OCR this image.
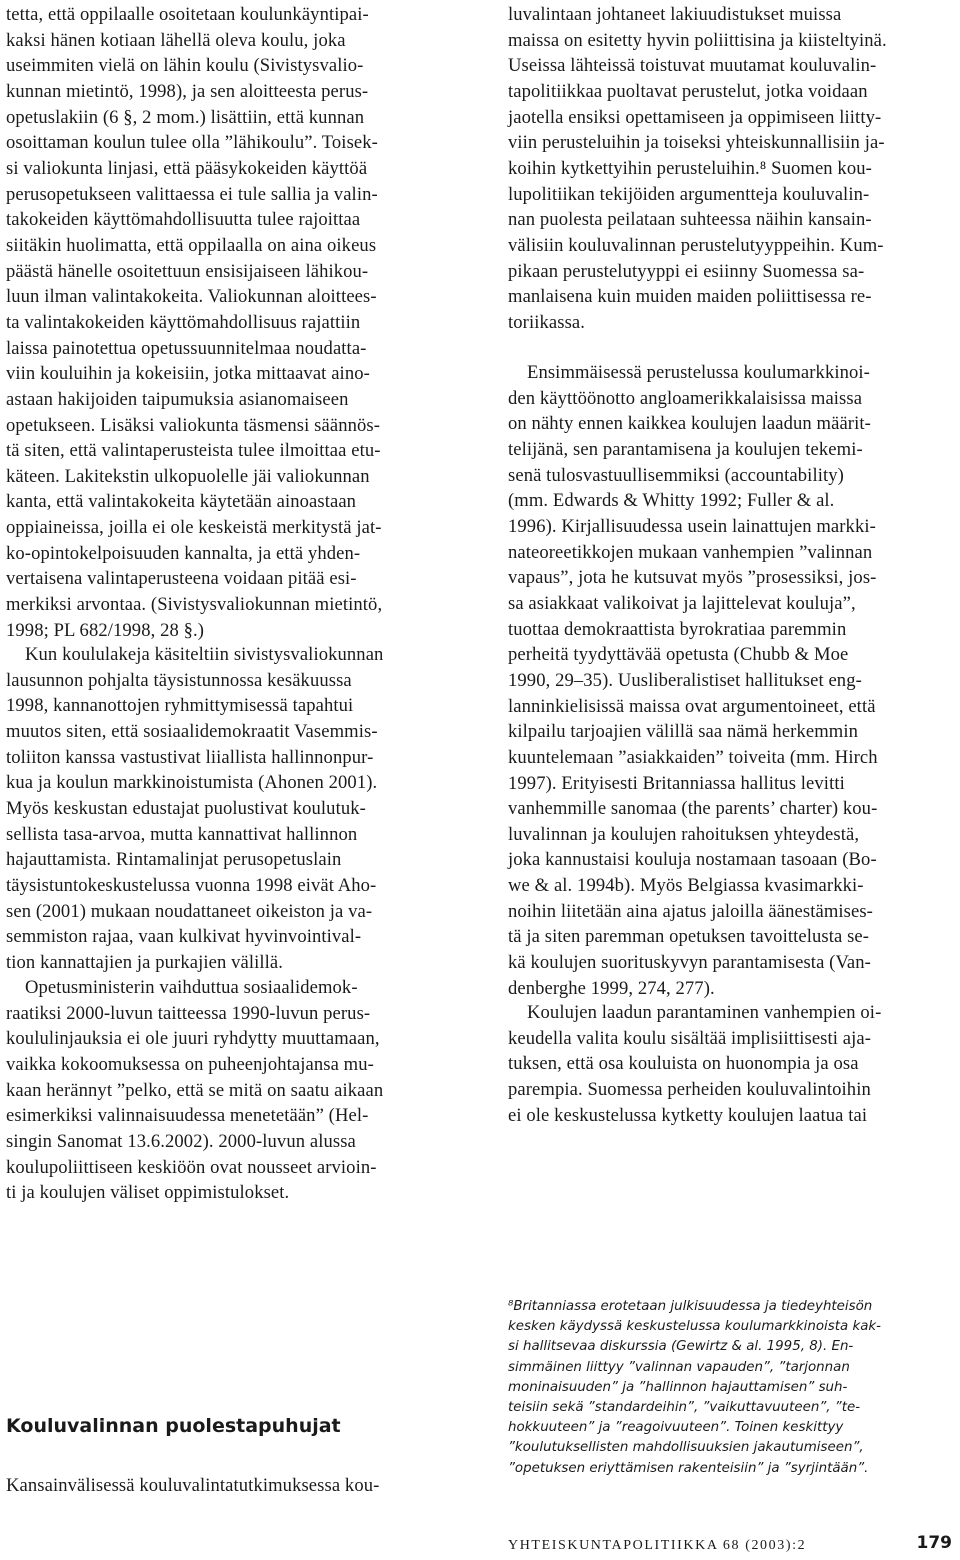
tetta, että oppilaalle osoitetaan koulunkäyntipai-
kaksi hänen kotiaan lähellä oleva koulu, joka
useimmiten vielä on lähin koulu (Sivistysvalio-
kunnan mietintö, 1998), ja sen aloitteesta perus-
opetuslakiin (6 §, 2 mom.) lisättiin, että kunnan
osoittaman koulun tulee olla ”lähikoulu”. Toisek-
si valiokunta linjasi, että pääsykokeiden käyttöä
perusopetukseen valittaessa ei tule sallia ja valin-
takokeiden käyttömahdollisuutta tulee rajoittaa
siitäkin huolimatta, että oppilaalla on aina oikeus
päästä hänelle osoitettuun ensisijaiseen lähikou-
luun ilman valintakokeita. Valiokunnan aloittees-
ta valintakokeiden käyttömahdollisuus rajattiin
laissa painotettua opetussuunnitelmaa noudatta-
viin kouluihin ja kokeisiin, jotka mittaavat aino-
astaan hakijoiden taipumuksia asianomaiseen
opetukseen. Lisäksi valiokunta täsmensi säännös-
tä siten, että valintaperusteista tulee ilmoittaa etu-
käteen. Lakitekstin ulkopuolelle jäi valiokunnan
kanta, että valintakokeita käytetään ainoastaan
oppiaineissa, joilla ei ole keskeistä merkitystä jat-
ko-opintokelpoisuuden kannalta, ja että yhden-
vertaisena valintaperusteena voidaan pitää esi-
merkiksi arvontaa. (Sivistysvaliokunnan mietintö,
1998; PL 682/1998, 28 §.)

Kun koululakeja käsiteltiin sivistysvaliokunnan
lausunnon pohjalta täysistunnossa kesäkuussa
1998, kannanottojen ryhmittymisessä tapahtui
muutos siten, että sosiaalidemokraatit Vasemmis-
toliiton kanssa vastustivat liiallista hallinnonpur-
kua ja koulun markkinoistumista (Ahonen 2001).
Myös keskustan edustajat puolustivat koulutuk-
sellista tasa-arvoa, mutta kannattivat hallinnon
hajauttamista. Rintamalinjat perusopetuslain
täysistuntokeskustelussa vuonna 1998 eivät Aho-
sen (2001) mukaan noudattaneet oikeiston ja va-
semmiston rajaa, vaan kulkivat hyvinvointival-
tion kannattajien ja purkajien välillä.

Opetusministerin vaihduttua sosiaalidemok-
raatiksi 2000-luvun taitteessa 1990-luvun perus-
koululinjauksia ei ole juuri ryhdytty muuttamaan,
vaikka kokoomuksessa on puheenjohtajansa mu-
kaan herännyt ”pelko, että se mitä on saatu aikaan
esimerkiksi valinnaisuudessa menetetään” (Hel-
singin Sanomat 13.6.2002). 2000-luvun alussa
koulupoliittiseen keskiöön ovat nousseet arvioin-
ti ja koulujen väliset oppimistulokset.

Kouluvalinnan puolestapuhujat

Kansainvälisessä kouluvalintatutkimuksessa kou-

luvalintaan johtaneet lakiuudistukset muissa
maissa on esitetty hyvin poliittisina ja kiisteltyinä.
Useissa lähteissä toistuvat muutamat kouluvalin-
tapolitiikkaa puoltavat perustelut, jotka voidaan
jaotella ensiksi opettamiseen ja oppimiseen liitty-
viin perusteluihin ja toiseksi yhteiskunnallisiin ja-
koihin kytkettyihin perusteluihin.⁸ Suomen kou-
lupolitiikan tekijöiden argumentteja kouluvalin-
nan puolesta peilataan suhteessa näihin kansain-
välisiin kouluvalinnan perustelutyyppeihin. Kum-
pikaan perustelutyyppi ei esiinny Suomessa sa-
manlaisena kuin muiden maiden poliittisessa re-
toriikassa.

Ensimmäisessä perustelussa koulumarkkinoi-
den käyttöönotto angloamerikkalaisissa maissa
on nähty ennen kaikkea koulujen laadun määrit-
telijänä, sen parantamisena ja koulujen tekemi-
senä tulosvastuullisemmiksi (accountability)
(mm. Edwards & Whitty 1992; Fuller & al.
1996). Kirjallisuudessa usein lainattujen markki-
nateoreetikkojen mukaan vanhempien ”valinnan
vapaus”, jota he kutsuvat myös ”prosessiksi, jos-
sa asiakkaat valikoivat ja lajittelevat kouluja”,
tuottaa demokraattista byrokratiaa paremmin
perheitä tyydyttävää opetusta (Chubb & Moe
1990, 29–35). Uusliberalistiset hallitukset eng-
lanninkielisissä maissa ovat argumentoineet, että
kilpailu tarjoajien välillä saa nämä herkemmin
kuuntelemaan ”asiakkaiden” toiveita (mm. Hirch
1997). Erityisesti Britanniassa hallitus levitti
vanhemmille sanomaa (the parents’ charter) kou-
luvalinnan ja koulujen rahoituksen yhteydestä,
joka kannustaisi kouluja nostamaan tasoaan (Bo-
we & al. 1994b). Myös Belgiassa kvasimarkki-
noihin liitetään aina ajatus jaloilla äänestämises-
tä ja siten paremman opetuksen tavoittelusta se-
kä koulujen suorituskyvyn parantamisesta (Van-
denberghe 1999, 274, 277).

Koulujen laadun parantaminen vanhempien oi-
keudella valita koulu sisältää implisiittisesti aja-
tuksen, että osa kouluista on huonompia ja osa
parempia. Suomessa perheiden kouluvalintoihin
ei ole keskustelussa kytketty koulujen laatua tai

⁸Britanniassa erotetaan julkisuudessa ja tiedeyhteisön
kesken käydyssä keskustelussa koulumarkkinoista kak-
si hallitsevaa diskurssia (Gewirtz & al. 1995, 8). En-
simmäinen liittyy ”valinnan vapauden”, ”tarjonnan
moninaisuuden” ja ”hallinnon hajauttamisen” suh-
teisiin sekä ”standardeihin”, ”vaikuttavuuteen”, ”te-
hokkuuteen” ja ”reagoivuuteen”. Toinen keskittyy
”koulutuksellisten mahdollisuuksien jakautumiseen”,
”opetuksen eriyttämisen rakenteisiin” ja ”syrjintään”.

YHTEISKUNTAPOLITIIKKA 68 (2003):2	179
